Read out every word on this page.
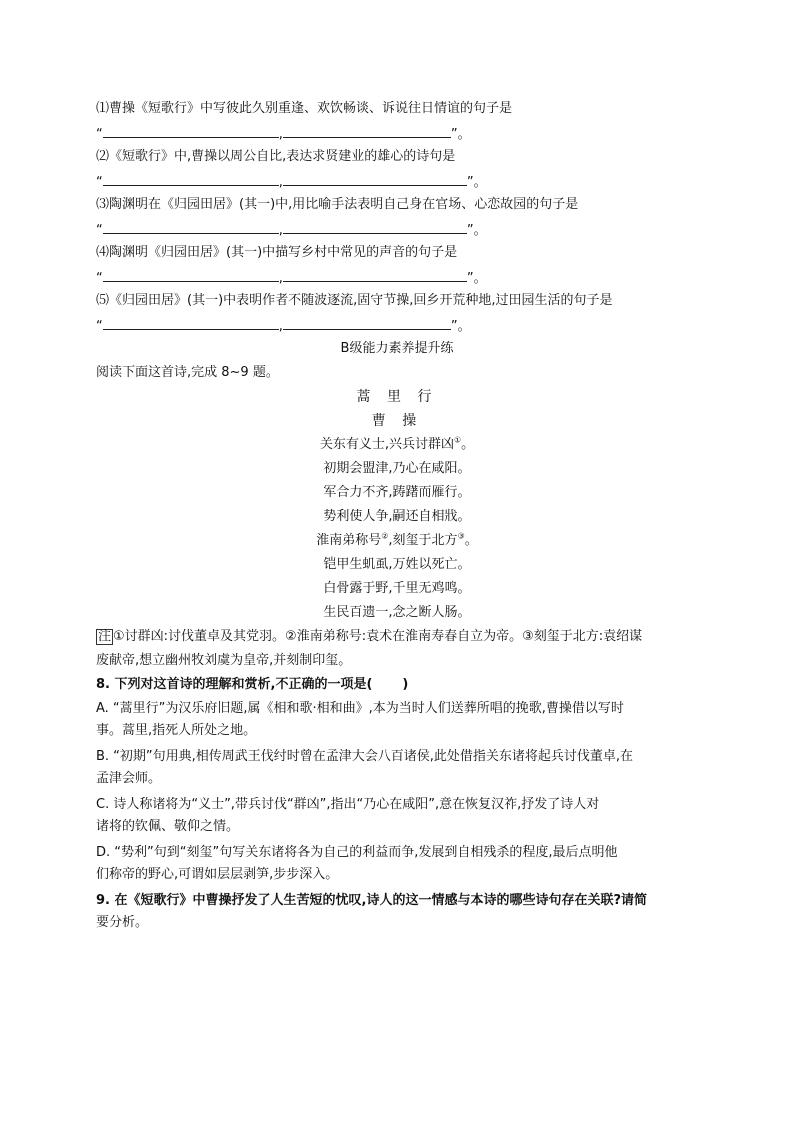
⑴曹操《短歌行》中写彼此久别重逢、欢饮畅谈、诉说往日情谊的句子是
“	,	”。
⑵《短歌行》中,曹操以周公自比,表达求贤建业的雄心的诗句是
“	,	”。
⑶陶渊明在《归园田居》(其一)中,用比喻手法表明自己身在官场、心恋故园的句子是
“	,	”。
⑷陶渊明《归园田居》(其一)中描写乡村中常见的声音的句子是
“	,	”。
⑸《归园田居》(其一)中表明作者不随波逐流,固守节操,回乡开荒种地,过田园生活的句子是
“	,	”。
B级能力素养提升练
阅读下面这首诗,完成 8~9 题。
蒿 里 行
曹 操
关东有义士,兴兵讨群凶①。
初期会盟津,乃心在咸阳。
军合力不齐,踌躇而雁行。
势利使人争,嗣还自相戕。
淮南弟称号②,刻玺于北方③。
铠甲生虮虱,万姓以死亡。
白骨露于野,千里无鸡鸣。
生民百遗一,念之断人肠。
注 ①讨群凶:讨伐董卓及其党羽。②淮南弟称号:袁术在淮南寿春自立为帝。③刻玺于北方:袁绍谋
废献帝,想立幽州牧刘虞为皇帝,并刻制印玺。
8. 下列对这首诗的理解和赏析,不正确的一项是( )
A. “蒿里行”为汉乐府旧题,属《相和歌·相和曲》,本为当时人们送葬所唱的挽歌,曹操借以写时
事。蒿里,指死人所处之地。
B. “初期”句用典,相传周武王伐纣时曾在孟津大会八百诸侯,此处借指关东诸将起兵讨伐董卓,在
孟津会师。
C. 诗人称诸将为“义士”,带兵讨伐“群凶”,指出“乃心在咸阳”,意在恢复汉祚,抒发了诗人对
诸将的钦佩、敬仰之情。
D. “势利”句到“刻玺”句写关东诸将各为自己的利益而争,发展到自相残杀的程度,最后点明他
们称帝的野心,可谓如层层剥笋,步步深入。
9. 在《短歌行》中曹操抒发了人生苦短的忧叹,诗人的这一情感与本诗的哪些诗句存在关联?请简
要分析。
